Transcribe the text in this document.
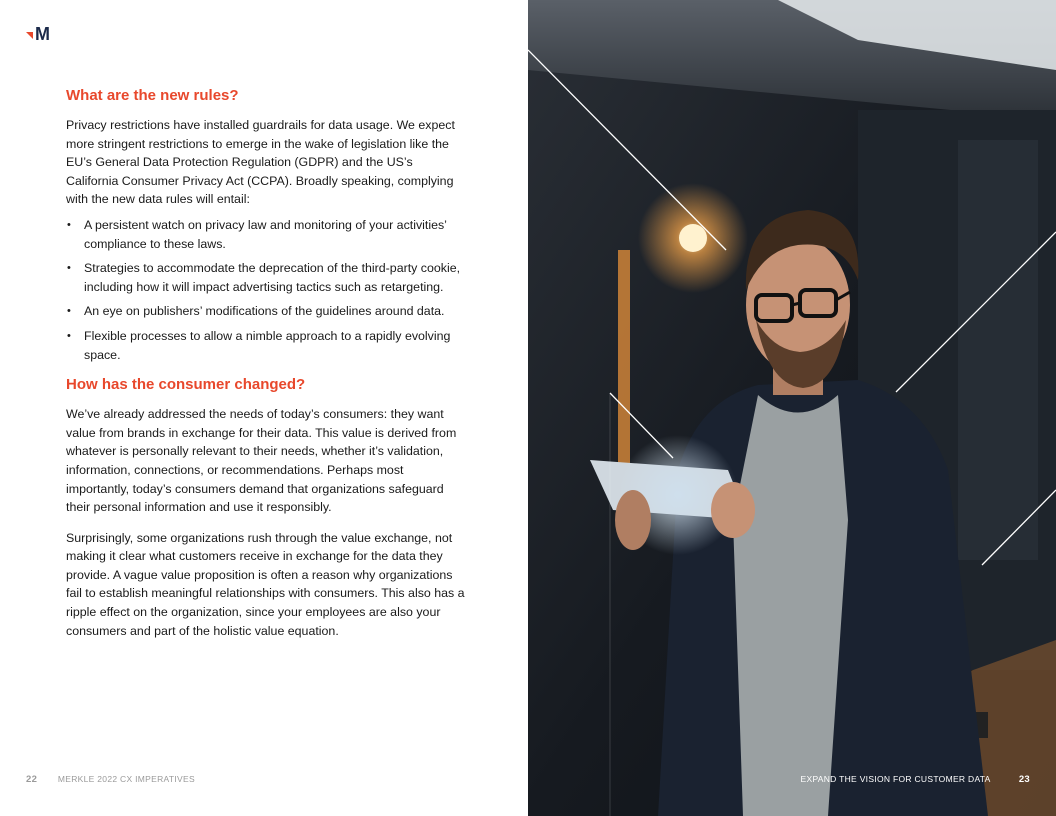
M
What are the new rules?

Privacy restrictions have installed guardrails for data usage. We expect more stringent restrictions to emerge in the wake of legislation like the EU’s General Data Protection Regulation (GDPR) and the US’s California Consumer Privacy Act (CCPA). Broadly speaking, complying with the new data rules will entail:

• A persistent watch on privacy law and monitoring of your activities’ compliance to these laws.
• Strategies to accommodate the deprecation of the third-party cookie, including how it will impact advertising tactics such as retargeting.
• An eye on publishers’ modifications of the guidelines around data.
• Flexible processes to allow a nimble approach to a rapidly evolving space.
How has the consumer changed?

We’ve already addressed the needs of today’s consumers: they want value from brands in exchange for their data. This value is derived from whatever is personally relevant to their needs, whether it’s validation, information, connections, or recommendations. Perhaps most importantly, today’s consumers demand that organizations safeguard their personal information and use it responsibly.

Surprisingly, some organizations rush through the value exchange, not making it clear what customers receive in exchange for the data they provide. A vague value proposition is often a reason why organizations fail to establish meaningful relationships with consumers. This also has a ripple effect on the organization, since your employees are also your consumers and part of the holistic value equation.

22 MERKLE 2022 CX IMPERATIVES	EXPAND THE VISION FOR CUSTOMER DATA	23
